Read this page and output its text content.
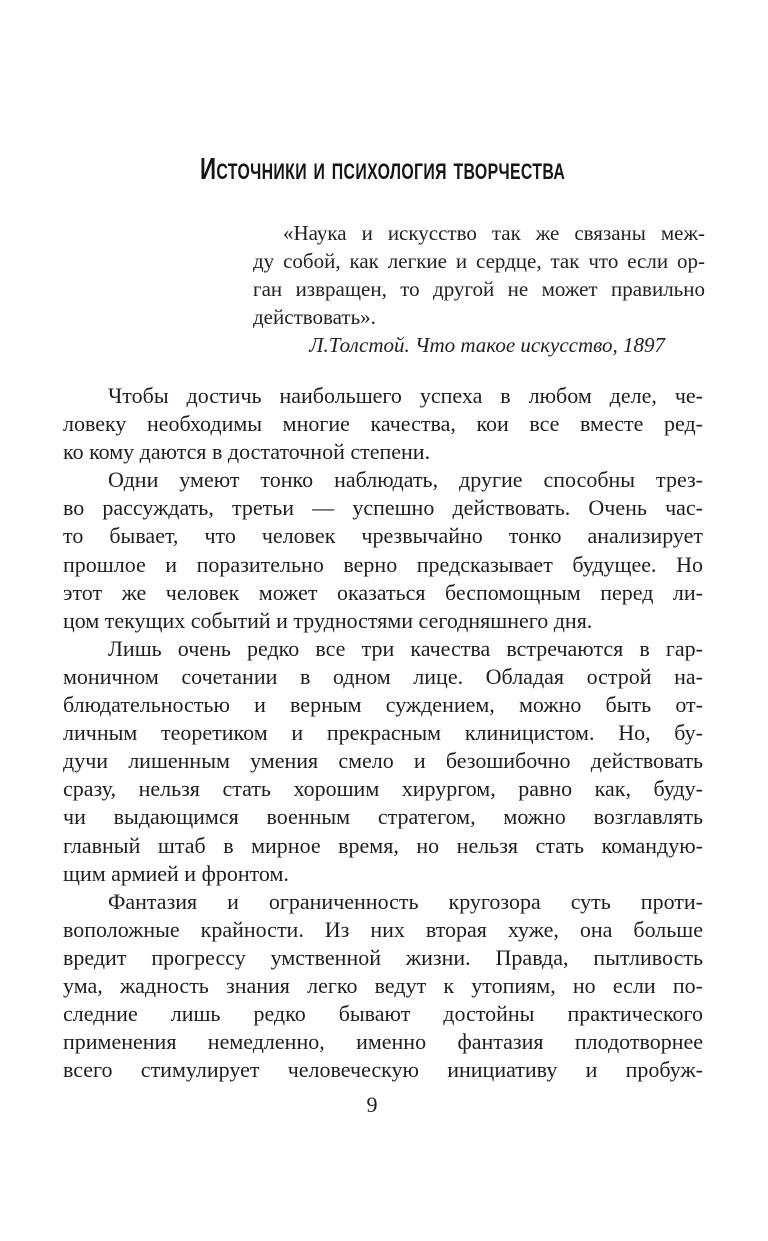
Источники и психология творчества
«Наука и искусство так же связаны меж-
ду собой, как легкие и сердце, так что если ор-
ган извращен, то другой не может правильно
действовать».
Л.Толстой. Что такое искусство, 1897
Чтобы достичь наибольшего успеха в любом деле, че-
ловеку необходимы многие качества, кои все вместе ред-
ко кому даются в достаточной степени.
Одни умеют тонко наблюдать, другие способны трез-
во рассуждать, третьи — успешно действовать. Очень час-
то бывает, что человек чрезвычайно тонко анализирует
прошлое и поразительно верно предсказывает будущее. Но
этот же человек может оказаться беспомощным перед ли-
цом текущих событий и трудностями сегодняшнего дня.
Лишь очень редко все три качества встречаются в гар-
моничном сочетании в одном лице. Обладая острой на-
блюдательностью и верным суждением, можно быть от-
личным теоретиком и прекрасным клиницистом. Но, бу-
дучи лишенным умения смело и безошибочно действовать
сразу, нельзя стать хорошим хирургом, равно как, буду-
чи выдающимся военным стратегом, можно возглавлять
главный штаб в мирное время, но нельзя стать командую-
щим армией и фронтом.
Фантазия и ограниченность кругозора суть проти-
воположные крайности. Из них вторая хуже, она больше
вредит прогрессу умственной жизни. Правда, пытливость
ума, жадность знания легко ведут к утопиям, но если по-
следние лишь редко бывают достойны практического
применения немедленно, именно фантазия плодотворнее
всего стимулирует человеческую инициативу и пробуж-
9
